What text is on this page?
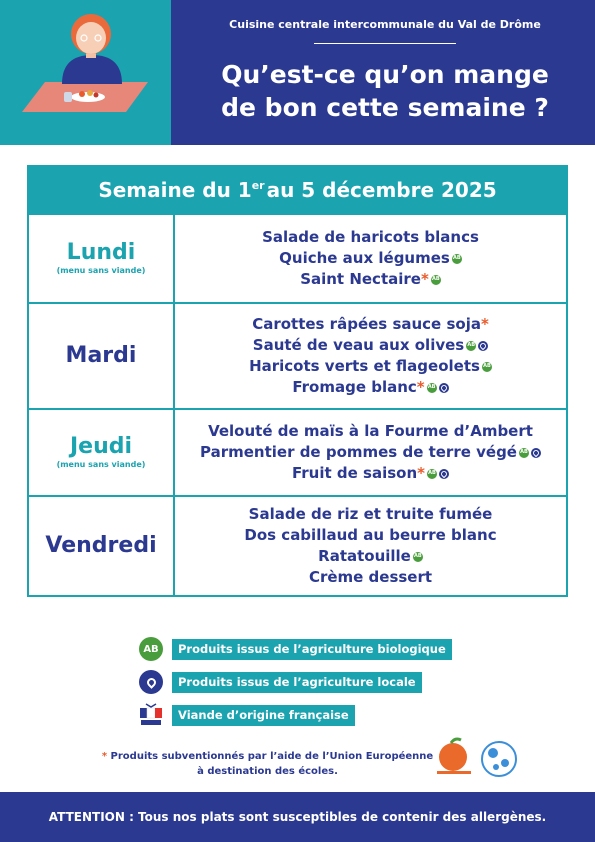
Cuisine centrale intercommunale du Val de Drôme
Qu’est-ce qu’on mange
de bon cette semaine ?
Semaine du 1er au 5 décembre 2025
Lundi
(menu sans viande)
Salade de haricots blancs
Quiche aux légumes AB
Saint Nectaire * AB
Mardi
Carottes râpées sauce soja *
Sauté de veau aux olives AB
Haricots verts et flageolets AB
Fromage blanc * AB
Jeudi
(menu sans viande)
Velouté de maïs à la Fourme d’Ambert
Parmentier de pommes de terre végé AB
Fruit de saison * AB
Vendredi
Salade de riz et truite fumée
Dos cabillaud au beurre blanc
Ratatouille AB
Crème dessert
AB	Produits issus de l’agriculture biologique
Produits issus de l’agriculture locale
Viande d’origine française
* Produits subventionnés par l’aide de l’Union Européenne
à destination des écoles.
ATTENTION : Tous nos plats sont susceptibles de contenir des allergènes.
